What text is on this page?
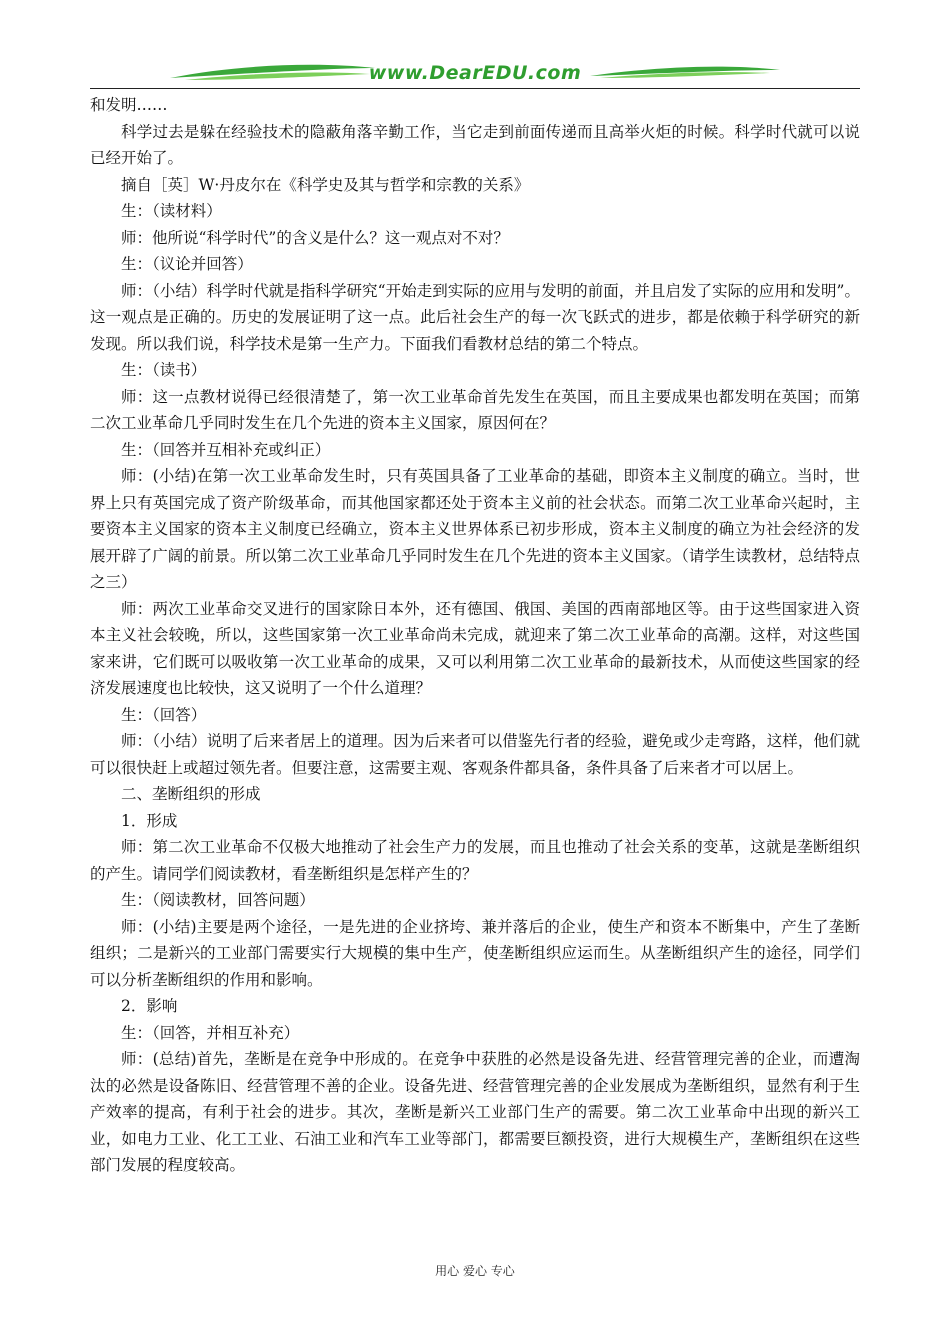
www.DearEDU.com

和发明……

科学过去是躲在经验技术的隐蔽角落辛勤工作，当它走到前面传递而且高举火炬的时候。科学时代就可以说已经开始了。

摘自［英］W·丹皮尔在《科学史及其与哲学和宗教的关系》

生：（读材料）

师：他所说“科学时代”的含义是什么？这一观点对不对？

生：（议论并回答）

师：（小结）科学时代就是指科学研究“开始走到实际的应用与发明的前面，并且启发了实际的应用和发明”。这一观点是正确的。历史的发展证明了这一点。此后社会生产的每一次飞跃式的进步，都是依赖于科学研究的新发现。所以我们说，科学技术是第一生产力。下面我们看教材总结的第二个特点。

生：（读书）

师：这一点教材说得已经很清楚了，第一次工业革命首先发生在英国，而且主要成果也都发明在英国；而第二次工业革命几乎同时发生在几个先进的资本主义国家，原因何在？

生：（回答并互相补充或纠正）

师：(小结)在第一次工业革命发生时，只有英国具备了工业革命的基础，即资本主义制度的确立。当时，世界上只有英国完成了资产阶级革命，而其他国家都还处于资本主义前的社会状态。而第二次工业革命兴起时，主要资本主义国家的资本主义制度已经确立，资本主义世界体系已初步形成，资本主义制度的确立为社会经济的发展开辟了广阔的前景。所以第二次工业革命几乎同时发生在几个先进的资本主义国家。（请学生读教材，总结特点之三）

师：两次工业革命交叉进行的国家除日本外，还有德国、俄国、美国的西南部地区等。由于这些国家进入资本主义社会较晚，所以，这些国家第一次工业革命尚未完成，就迎来了第二次工业革命的高潮。这样，对这些国家来讲，它们既可以吸收第一次工业革命的成果，又可以利用第二次工业革命的最新技术，从而使这些国家的经济发展速度也比较快，这又说明了一个什么道理？

生：（回答）

师：（小结）说明了后来者居上的道理。因为后来者可以借鉴先行者的经验，避免或少走弯路，这样，他们就可以很快赶上或超过领先者。但要注意，这需要主观、客观条件都具备，条件具备了后来者才可以居上。

二、垄断组织的形成

1．形成

师：第二次工业革命不仅极大地推动了社会生产力的发展，而且也推动了社会关系的变革，这就是垄断组织的产生。请同学们阅读教材，看垄断组织是怎样产生的？

生：（阅读教材，回答问题）

师：(小结)主要是两个途径，一是先进的企业挤垮、兼并落后的企业，使生产和资本不断集中，产生了垄断组织；二是新兴的工业部门需要实行大规模的集中生产，使垄断组织应运而生。从垄断组织产生的途径，同学们可以分析垄断组织的作用和影响。

2．影响

生：（回答，并相互补充）

师：(总结)首先，垄断是在竞争中形成的。在竞争中获胜的必然是设备先进、经营管理完善的企业，而遭淘汰的必然是设备陈旧、经营管理不善的企业。设备先进、经营管理完善的企业发展成为垄断组织，显然有利于生产效率的提高，有利于社会的进步。其次，垄断是新兴工业部门生产的需要。第二次工业革命中出现的新兴工业，如电力工业、化工工业、石油工业和汽车工业等部门，都需要巨额投资，进行大规模生产，垄断组织在这些部门发展的程度较高。

用心 爱心 专心
